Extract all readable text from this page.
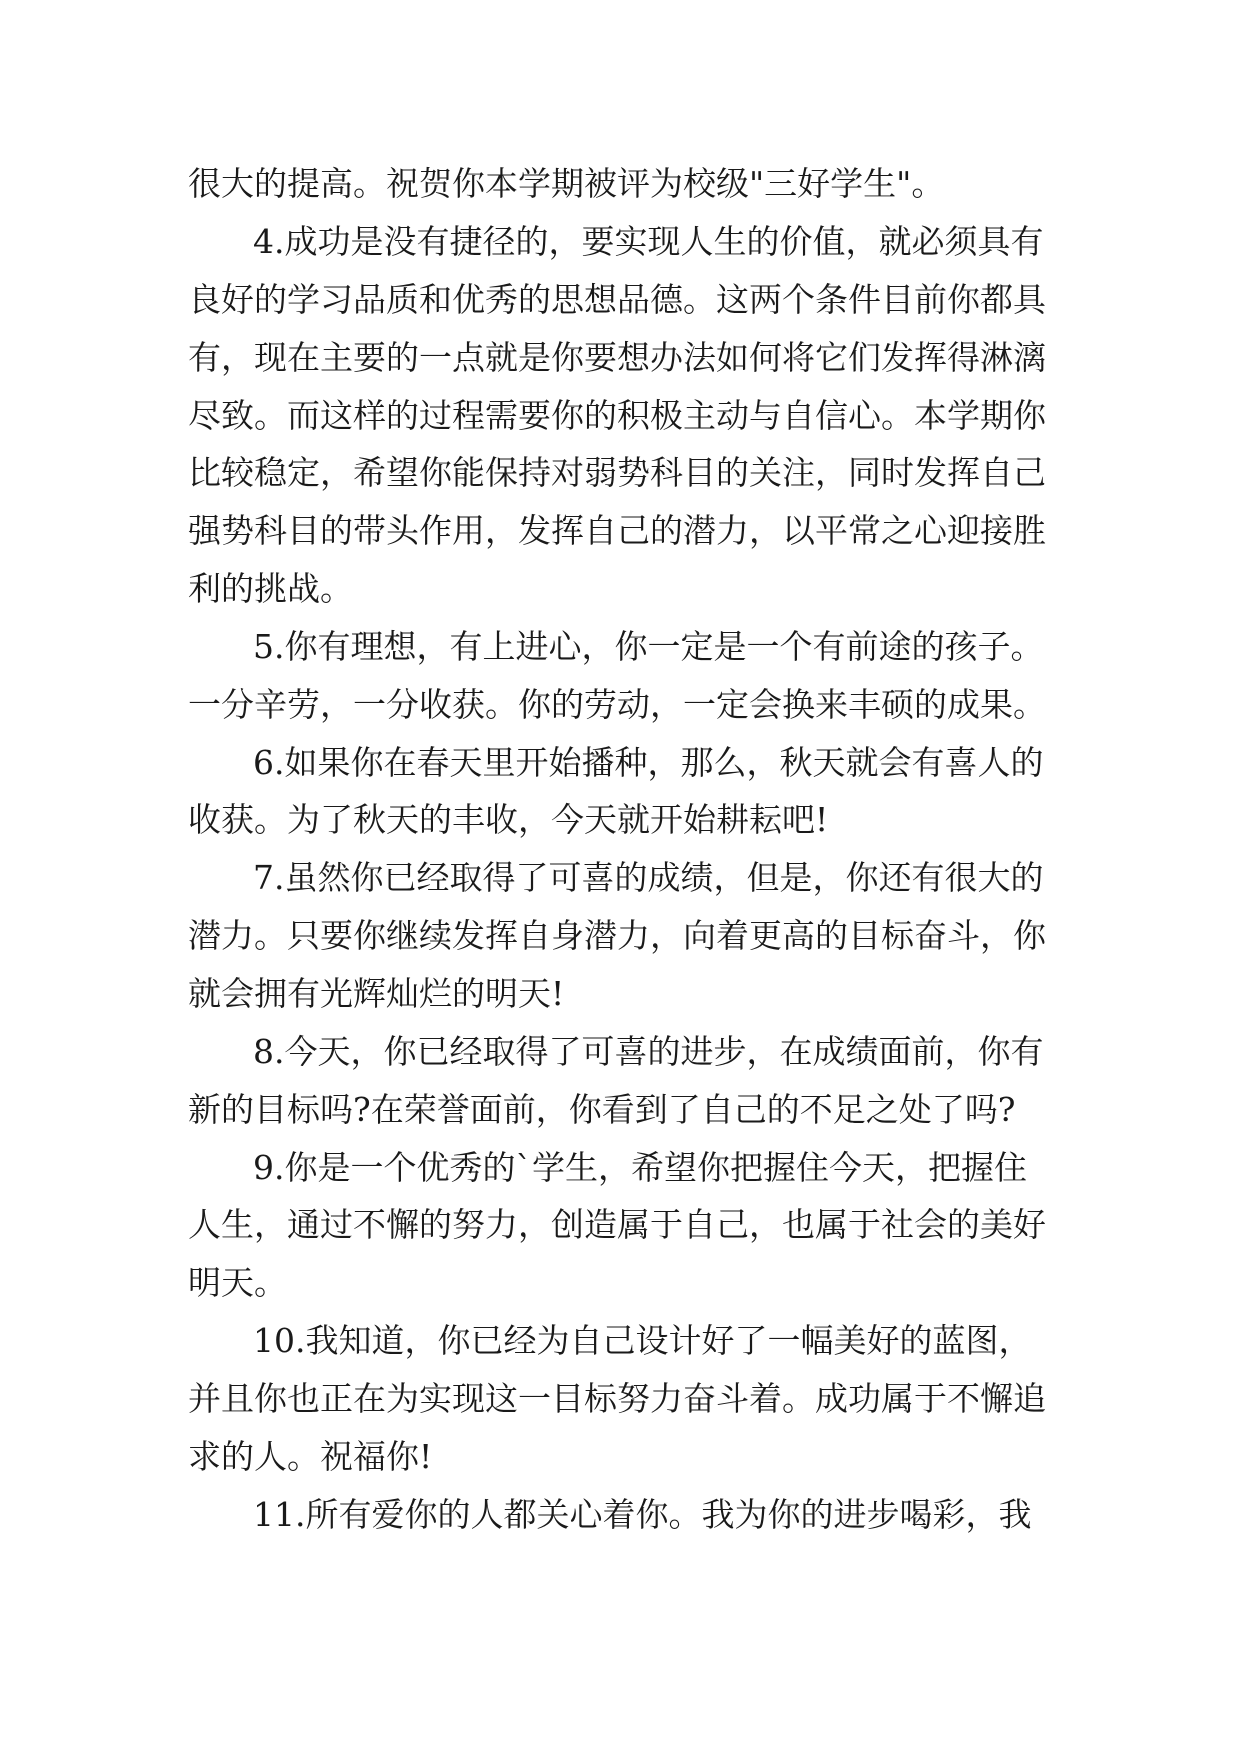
很大的提高。祝贺你本学期被评为校级"三好学生"。
4.成功是没有捷径的，要实现人生的价值，就必须具有
良好的学习品质和优秀的思想品德。这两个条件目前你都具
有，现在主要的一点就是你要想办法如何将它们发挥得淋漓
尽致。而这样的过程需要你的积极主动与自信心。本学期你
比较稳定，希望你能保持对弱势科目的关注，同时发挥自己
强势科目的带头作用，发挥自己的潜力，以平常之心迎接胜
利的挑战。
5.你有理想，有上进心，你一定是一个有前途的孩子。
一分辛劳，一分收获。你的劳动，一定会换来丰硕的成果。
6.如果你在春天里开始播种，那么，秋天就会有喜人的
收获。为了秋天的丰收，今天就开始耕耘吧!
7.虽然你已经取得了可喜的成绩，但是，你还有很大的
潜力。只要你继续发挥自身潜力，向着更高的目标奋斗，你
就会拥有光辉灿烂的明天!
8.今天，你已经取得了可喜的进步，在成绩面前，你有
新的目标吗?在荣誉面前，你看到了自己的不足之处了吗?
9.你是一个优秀的`学生，希望你把握住今天，把握住
人生，通过不懈的努力，创造属于自己，也属于社会的美好
明天。
10.我知道，你已经为自己设计好了一幅美好的蓝图，
并且你也正在为实现这一目标努力奋斗着。成功属于不懈追
求的人。祝福你!
11.所有爱你的人都关心着你。我为你的进步喝彩，我
